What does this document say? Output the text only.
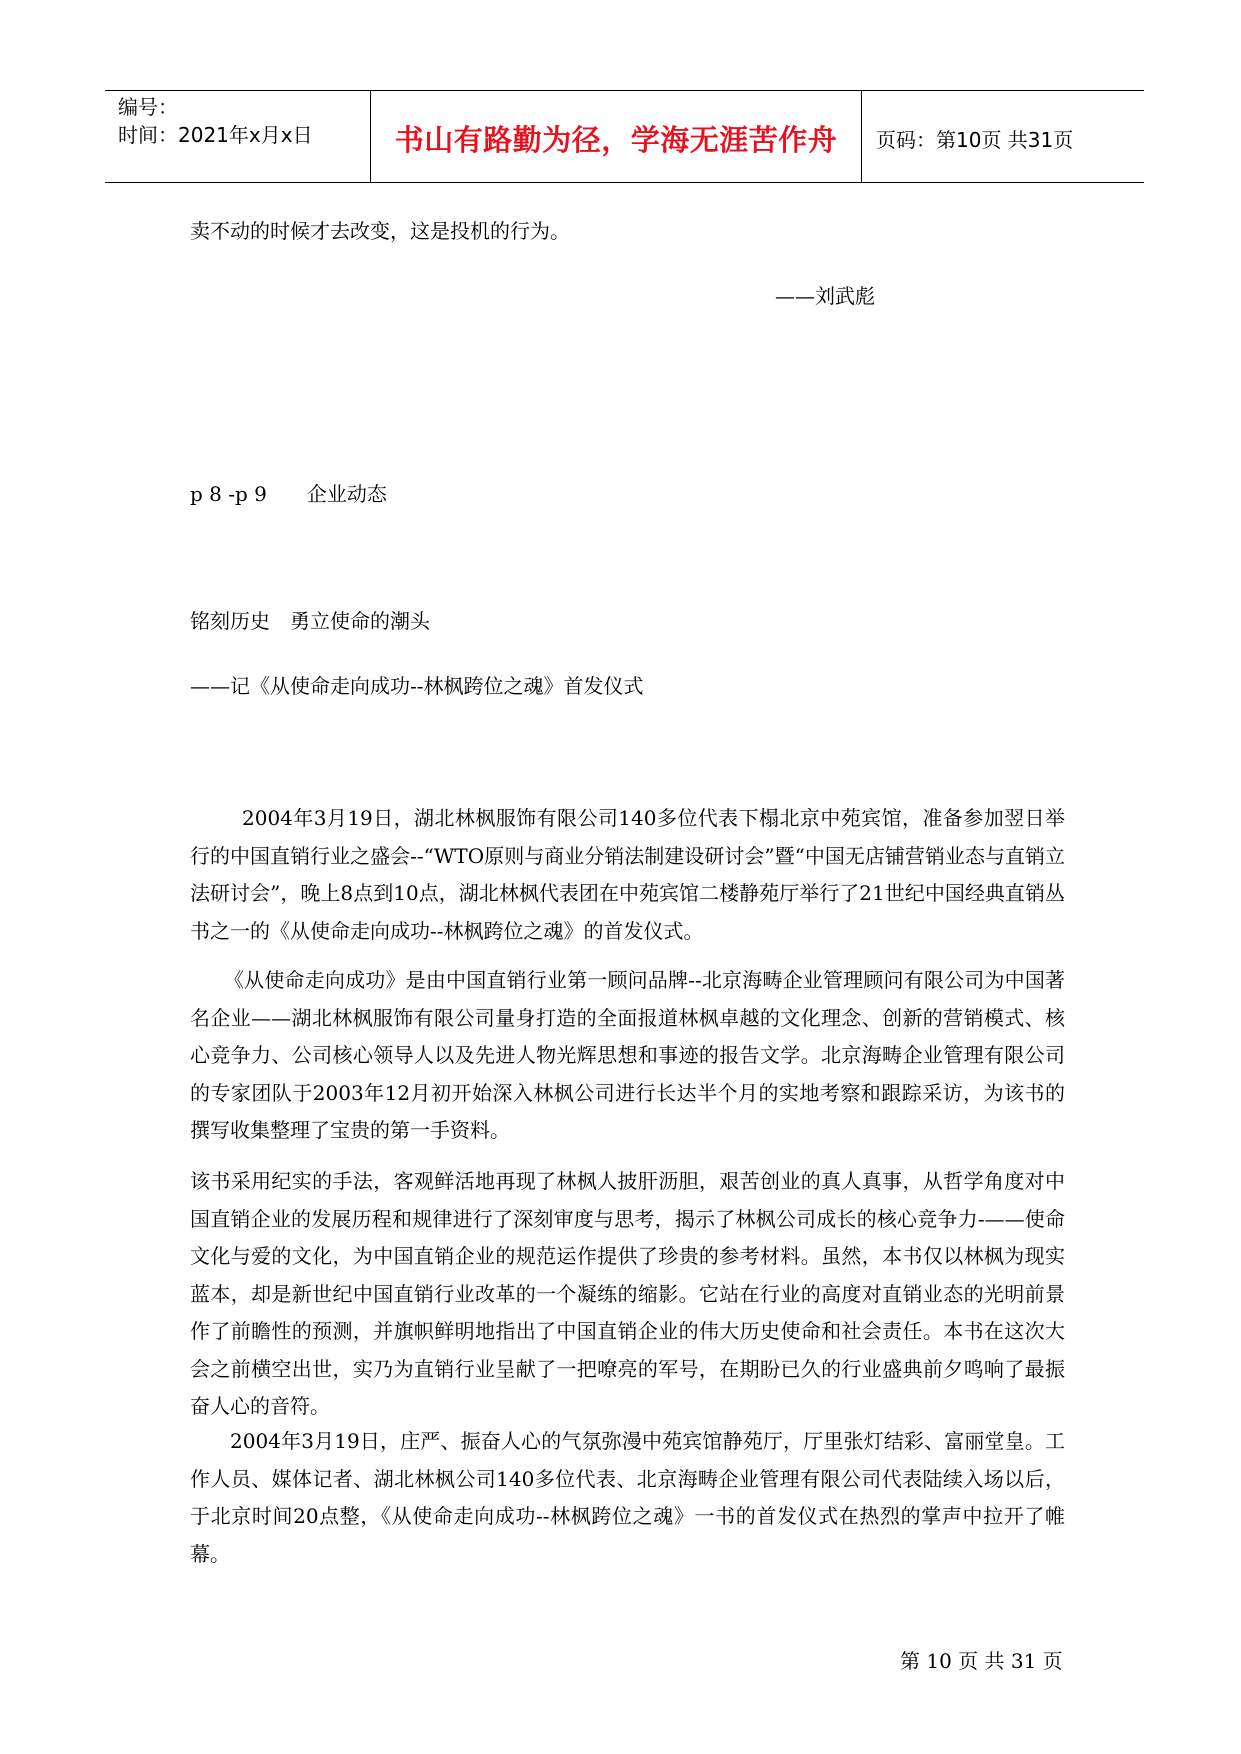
编号：
时间：2021年x月x日	书山有路勤为径，学海无涯苦作舟	页码：第10页 共31页
卖不动的时候才去改变，这是投机的行为。
——刘武彪
p 8 -p 9　　企业动态
铭刻历史　勇立使命的潮头
——记《从使命走向成功--林枫跨位之魂》首发仪式
2004年3月19日，湖北林枫服饰有限公司140多位代表下榻北京中苑宾馆，准备参加翌日举行的中国直销行业之盛会--“WTO原则与商业分销法制建设研讨会”暨“中国无店铺营销业态与直销立法研讨会”，晚上8点到10点，湖北林枫代表团在中苑宾馆二楼静苑厅举行了21世纪中国经典直销丛书之一的《从使命走向成功--林枫跨位之魂》的首发仪式。
《从使命走向成功》是由中国直销行业第一顾问品牌--北京海畴企业管理顾问有限公司为中国著名企业——湖北林枫服饰有限公司量身打造的全面报道林枫卓越的文化理念、创新的营销模式、核心竞争力、公司核心领导人以及先进人物光辉思想和事迹的报告文学。北京海畴企业管理有限公司的专家团队于2003年12月初开始深入林枫公司进行长达半个月的实地考察和跟踪采访，为该书的撰写收集整理了宝贵的第一手资料。
该书采用纪实的手法，客观鲜活地再现了林枫人披肝沥胆，艰苦创业的真人真事，从哲学角度对中国直销企业的发展历程和规律进行了深刻审度与思考，揭示了林枫公司成长的核心竞争力-——使命文化与爱的文化，为中国直销企业的规范运作提供了珍贵的参考材料。虽然，本书仅以林枫为现实蓝本，却是新世纪中国直销行业改革的一个凝练的缩影。它站在行业的高度对直销业态的光明前景作了前瞻性的预测，并旗帜鲜明地指出了中国直销企业的伟大历史使命和社会责任。本书在这次大会之前横空出世，实乃为直销行业呈献了一把嘹亮的军号，在期盼已久的行业盛典前夕鸣响了最振奋人心的音符。
2004年3月19日，庄严、振奋人心的气氛弥漫中苑宾馆静苑厅，厅里张灯结彩、富丽堂皇。工作人员、媒体记者、湖北林枫公司140多位代表、北京海畴企业管理有限公司代表陆续入场以后，于北京时间20点整，《从使命走向成功--林枫跨位之魂》一书的首发仪式在热烈的掌声中拉开了帷幕。
第 10 页 共 31 页
